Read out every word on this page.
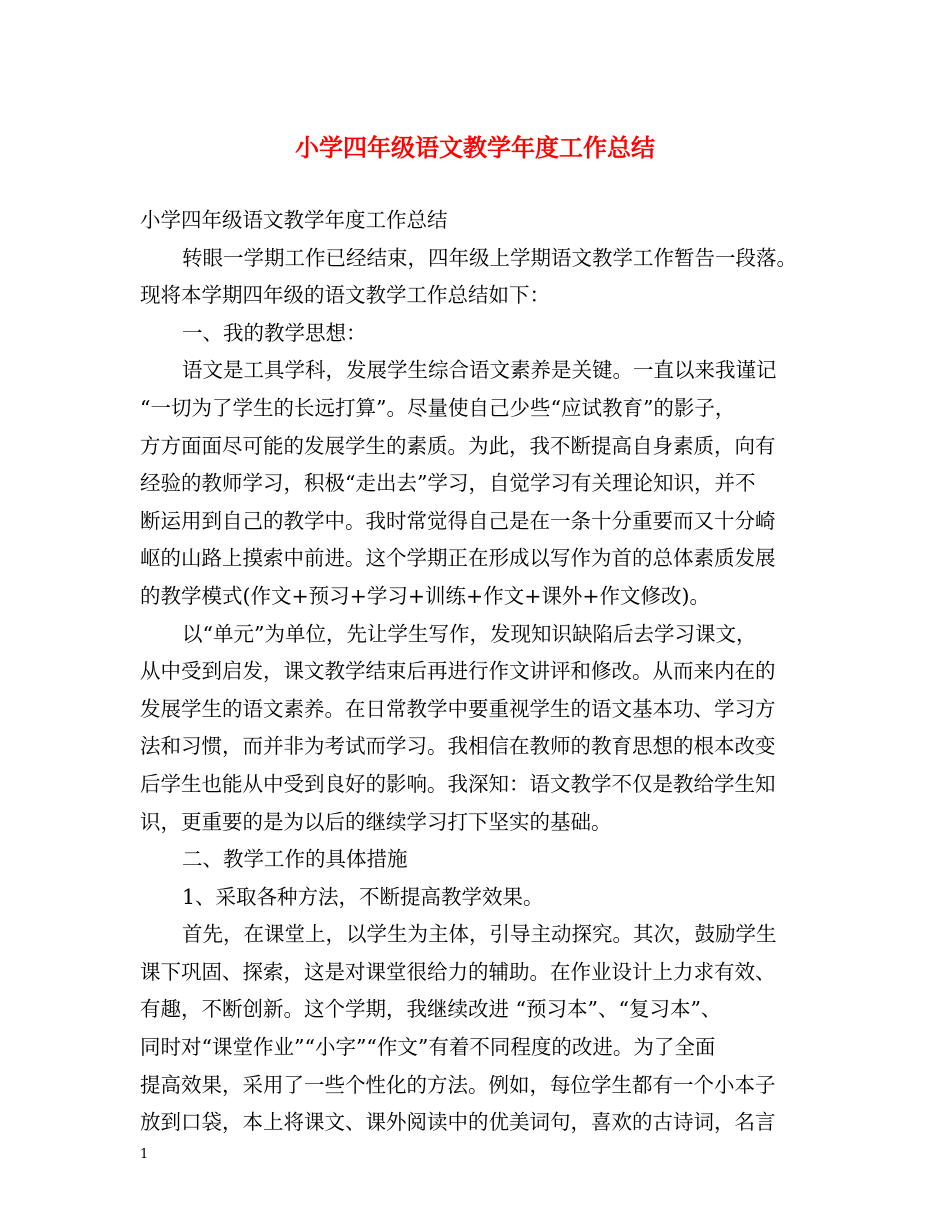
小学四年级语文教学年度工作总结

小学四年级语文教学年度工作总结

转眼一学期工作已经结束，四年级上学期语文教学工作暂告一段落。

现将本学期四年级的语文教学工作总结如下：

一、我的教学思想：

语文是工具学科，发展学生综合语文素养是关键。一直以来我谨记

“一切为了学生的长远打算”。尽量使自己少些“应试教育”的影子，

方方面面尽可能的发展学生的素质。为此，我不断提高自身素质，向有

经验的教师学习，积极“走出去”学习，自觉学习有关理论知识，并不

断运用到自己的教学中。我时常觉得自己是在一条十分重要而又十分崎

岖的山路上摸索中前进。这个学期正在形成以写作为首的总体素质发展

的教学模式(作文+预习+学习+训练+作文+课外+作文修改)。

以“单元”为单位，先让学生写作，发现知识缺陷后去学习课文，

从中受到启发，课文教学结束后再进行作文讲评和修改。从而来内在的

发展学生的语文素养。在日常教学中要重视学生的语文基本功、学习方

法和习惯，而并非为考试而学习。我相信在教师的教育思想的根本改变

后学生也能从中受到良好的影响。我深知：语文教学不仅是教给学生知

识，更重要的是为以后的继续学习打下坚实的基础。

二、教学工作的具体措施

1、采取各种方法，不断提高教学效果。

首先，在课堂上，以学生为主体，引导主动探究。其次，鼓励学生

课下巩固、探索，这是对课堂很给力的辅助。在作业设计上力求有效、

有趣，不断创新。这个学期，我继续改进 “预习本”、“复习本”、

同时对“课堂作业”“小字”“作文”有着不同程度的改进。为了全面

提高效果，采用了一些个性化的方法。例如，每位学生都有一个小本子

放到口袋，本上将课文、课外阅读中的优美词句，喜欢的古诗词，名言

1
